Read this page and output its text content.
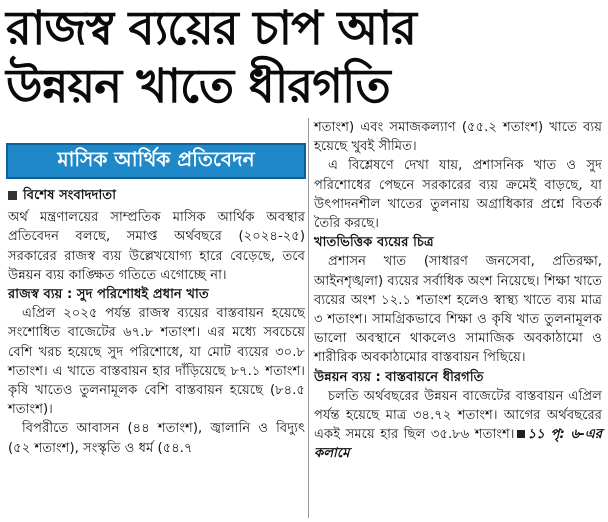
রাজস্ব ব্যয়ের চাপ আর
উন্নয়ন খাতে ধীরগতি
মাসিক আর্থিক প্রতিবেদন
বিশেষ সংবাদদাতা

অর্থ মন্ত্রণালয়ের সাম্প্রতিক মাসিক আর্থিক অবস্থার প্রতিবেদন বলছে, সমাপ্ত অর্থবছরে (২০২৪-২৫) সরকারের রাজস্ব ব্যয় উল্লেখযোগ্য হারে বেড়েছে, তবে উন্নয়ন ব্যয় কাঙ্ক্ষিত গতিতে এগোচ্ছে না।

রাজস্ব ব্যয় : সুদ পরিশোধই প্রধান খাত

এপ্রিল ২০২৫ পর্যন্ত রাজস্ব ব্যয়ের বাস্তবায়ন হয়েছে সংশোধিত বাজেটের ৬৭.৮ শতাংশ। এর মধ্যে সবচেয়ে বেশি খরচ হয়েছে সুদ পরিশোধে, যা মোট ব্যয়ের ৩০.৮ শতাংশ। এ খাতে বাস্তবায়ন হার দাঁড়িয়েছে ৮৭.১ শতাংশ। কৃষি খাতেও তুলনামূলক বেশি বাস্তবায়ন হয়েছে (৮৪.৫ শতাংশ)।

বিপরীতে আবাসন (৪৪ শতাংশ), জ্বালানি ও বিদ্যুৎ (৫২ শতাংশ), সংস্কৃতি ও ধর্ম (৫৪.৭

শতাংশ) এবং সমাজকল্যাণ (৫৫.২ শতাংশ) খাতে ব্যয় হয়েছে খুবই সীমিত।

এ বিশ্লেষণে দেখা যায়, প্রশাসনিক খাত ও সুদ পরিশোধের পেছনে সরকারের ব্যয় ক্রমেই বাড়ছে, যা উৎপাদনশীল খাতের তুলনায় অগ্রাধিকার প্রশ্নে বিতর্ক তৈরি করছে।

খাতভিত্তিক ব্যয়ের চিত্র

প্রশাসন খাত (সাধারণ জনসেবা, প্রতিরক্ষা, আইনশৃঙ্খলা) ব্যয়ের সর্বাধিক অংশ নিয়েছে। শিক্ষা খাতে ব্যয়ের অংশ ১২.১ শতাংশ হলেও স্বাস্থ্য খাতে ব্যয় মাত্র ৩ শতাংশ। সামগ্রিকভাবে শিক্ষা ও কৃষি খাত তুলনামূলক ভালো অবস্থানে থাকলেও সামাজিক অবকাঠামো ও শারীরিক অবকাঠামোর বাস্তবায়ন পিছিয়ে।

উন্নয়ন ব্যয় : বাস্তবায়নে ধীরগতি

চলতি অর্থবছরের উন্নয়ন বাজেটের বাস্তবায়ন এপ্রিল পর্যন্ত হয়েছে মাত্র ৩৪.৭২ শতাংশ। আগের অর্থবছরের একই সময়ে হার ছিল ৩৫.৮৬ শতাংশ। ১১ পৃ: ৬-এর কলামে
